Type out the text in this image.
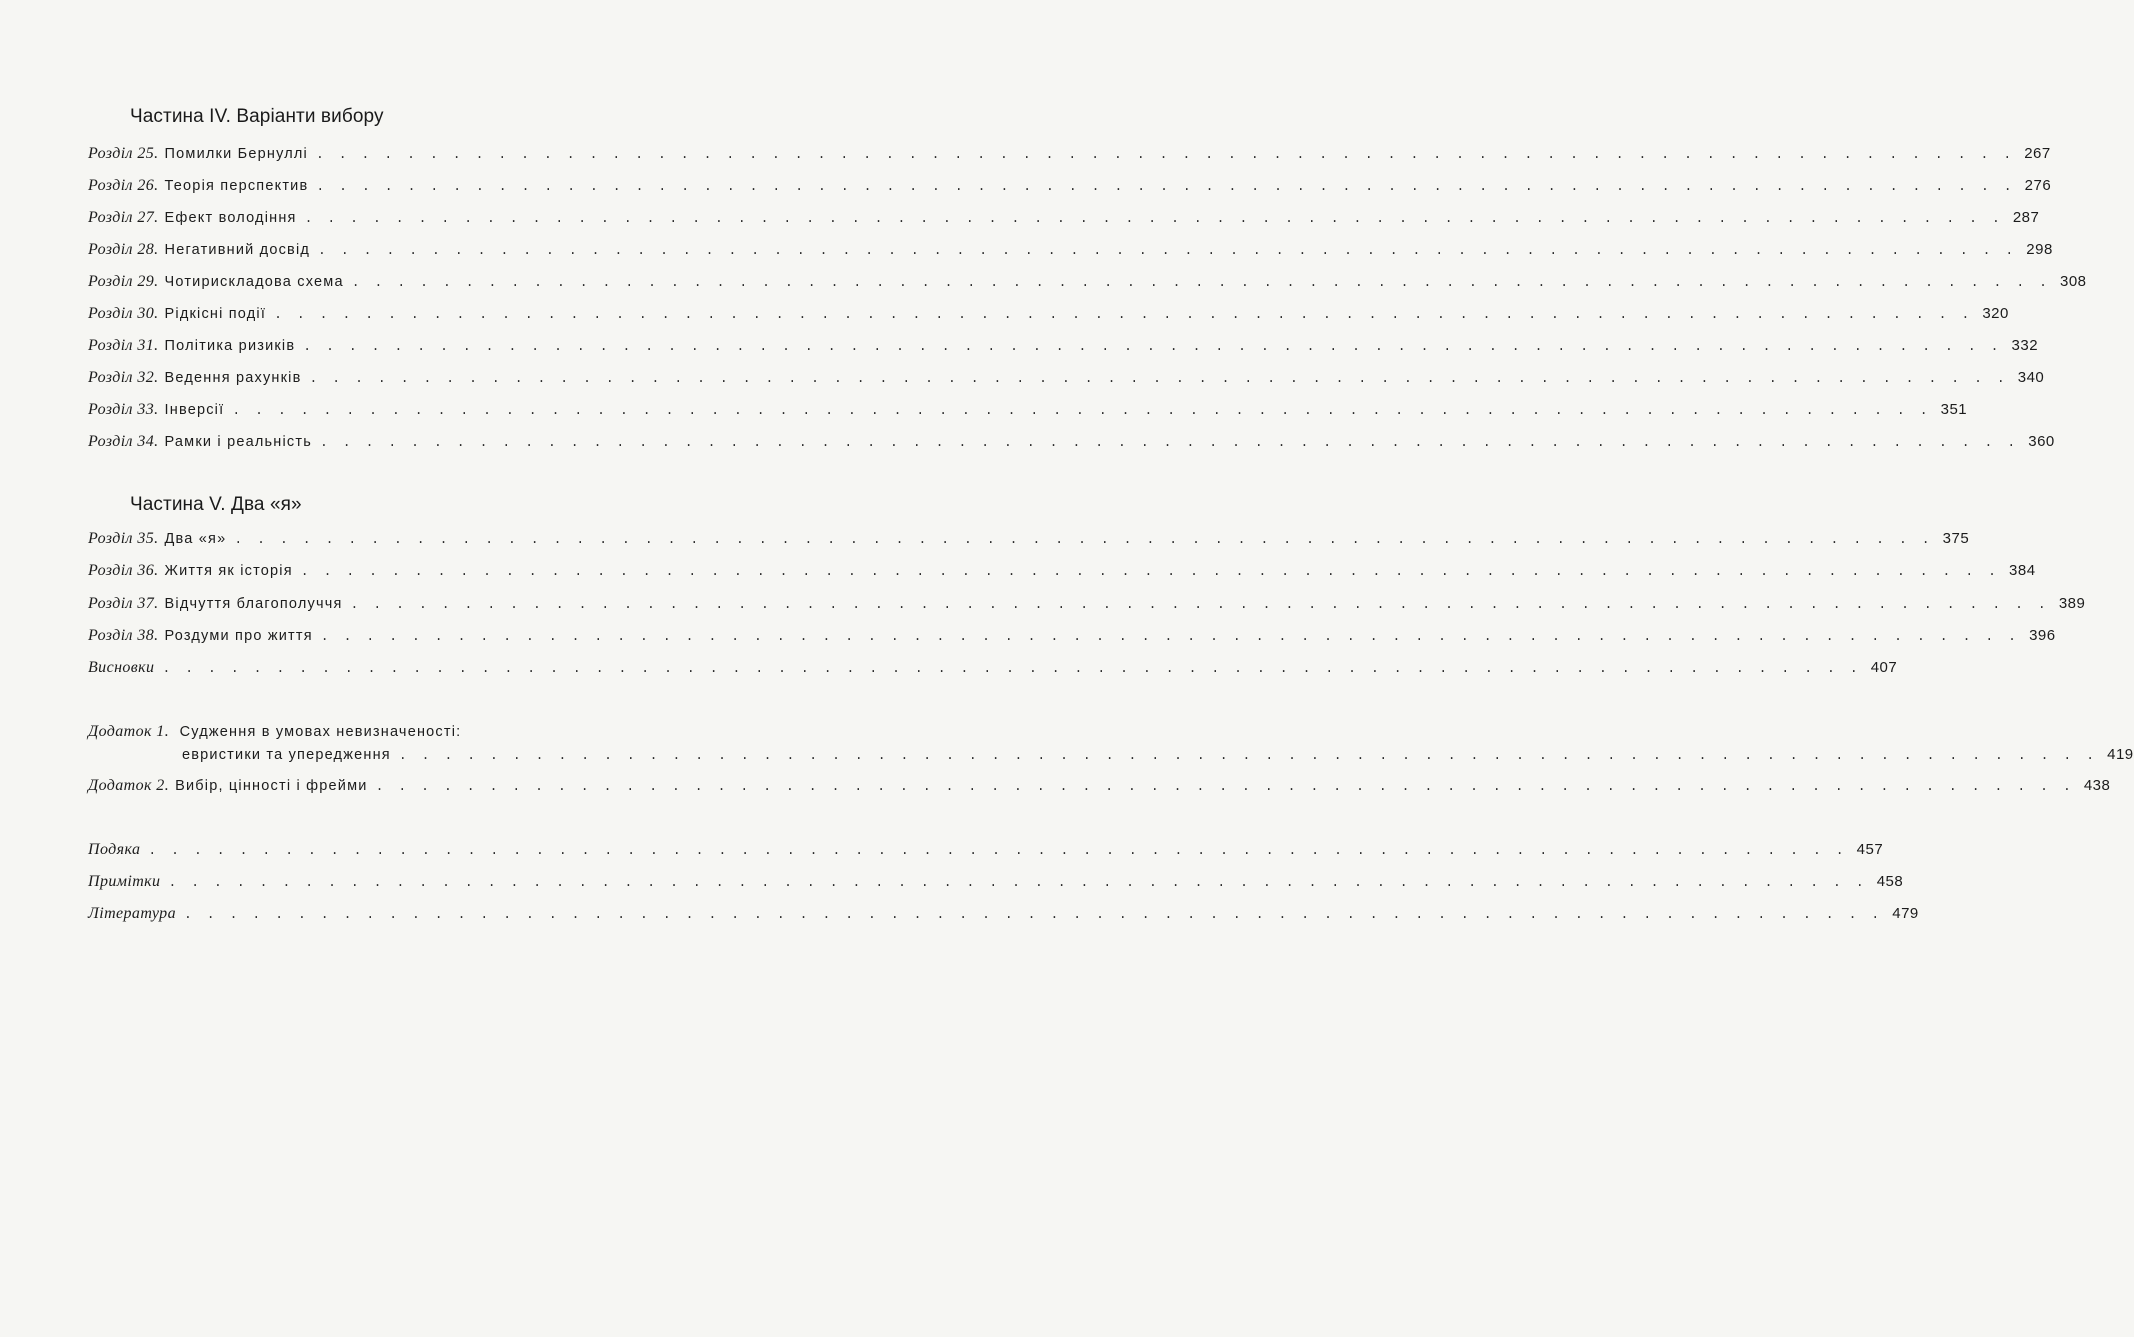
Частина IV. Варіанти вибору
Розділ 25. Помилки Бернуллі . . . . . . . . . . . . . . . . . . . . . . . . . . . . . . . . . . . . . . . . . . . . . . . . . . . . . . . . . . . . . . . . . . . . . . . . . . . 267
Розділ 26. Теорія перспектив . . . . . . . . . . . . . . . . . . . . . . . . . . . . . . . . . . . . . . . . . . . . . . . . . . . . . . . . . . . . . . . . . . . . . . . . . . . 276
Розділ 27. Ефект володіння . . . . . . . . . . . . . . . . . . . . . . . . . . . . . . . . . . . . . . . . . . . . . . . . . . . . . . . . . . . . . . . . . . . . . . . . . . . 287
Розділ 28. Негативний досвід . . . . . . . . . . . . . . . . . . . . . . . . . . . . . . . . . . . . . . . . . . . . . . . . . . . . . . . . . . . . . . . . . . . . . . . . . . . 298
Розділ 29. Чотирискладова схема . . . . . . . . . . . . . . . . . . . . . . . . . . . . . . . . . . . . . . . . . . . . . . . . . . . . . . . . . . . . . . . . . . . . . . . . . . . 308
Розділ 30. Рідкісні події . . . . . . . . . . . . . . . . . . . . . . . . . . . . . . . . . . . . . . . . . . . . . . . . . . . . . . . . . . . . . . . . . . . . . . . . . . . 320
Розділ 31. Політика ризиків . . . . . . . . . . . . . . . . . . . . . . . . . . . . . . . . . . . . . . . . . . . . . . . . . . . . . . . . . . . . . . . . . . . . . . . . . . . 332
Розділ 32. Ведення рахунків . . . . . . . . . . . . . . . . . . . . . . . . . . . . . . . . . . . . . . . . . . . . . . . . . . . . . . . . . . . . . . . . . . . . . . . . . . . 340
Розділ 33. Інверсії . . . . . . . . . . . . . . . . . . . . . . . . . . . . . . . . . . . . . . . . . . . . . . . . . . . . . . . . . . . . . . . . . . . . . . . . . . . 351
Розділ 34. Рамки і реальність . . . . . . . . . . . . . . . . . . . . . . . . . . . . . . . . . . . . . . . . . . . . . . . . . . . . . . . . . . . . . . . . . . . . . . . . . . . 360
Частина V. Два «я»
Розділ 35. Два «я» . . . . . . . . . . . . . . . . . . . . . . . . . . . . . . . . . . . . . . . . . . . . . . . . . . . . . . . . . . . . . . . . . . . . . . . . . . . 375
Розділ 36. Життя як історія . . . . . . . . . . . . . . . . . . . . . . . . . . . . . . . . . . . . . . . . . . . . . . . . . . . . . . . . . . . . . . . . . . . . . . . . . . . 384
Розділ 37. Відчуття благополуччя . . . . . . . . . . . . . . . . . . . . . . . . . . . . . . . . . . . . . . . . . . . . . . . . . . . . . . . . . . . . . . . . . . . . . . . . . . . 389
Розділ 38. Роздуми про життя . . . . . . . . . . . . . . . . . . . . . . . . . . . . . . . . . . . . . . . . . . . . . . . . . . . . . . . . . . . . . . . . . . . . . . . . . . . 396
Висновки . . . . . . . . . . . . . . . . . . . . . . . . . . . . . . . . . . . . . . . . . . . . . . . . . . . . . . . . . . . . . . . . . . . . . . . . . . . 407
Додаток 1. Судження в умовах невизначеності:
евристики та упередження . . . . . . . . . . . . . . . . . . . . . . . . . . . . . . . . . . . . . . . . . . . . . . . . . . . . . . . . . . . . . . . . . . . . . . . . . . . 419
Додаток 2. Вибір, цінності і фрейми . . . . . . . . . . . . . . . . . . . . . . . . . . . . . . . . . . . . . . . . . . . . . . . . . . . . . . . . . . . . . . . . . . . . . . . . . . . 438
Подяка . . . . . . . . . . . . . . . . . . . . . . . . . . . . . . . . . . . . . . . . . . . . . . . . . . . . . . . . . . . . . . . . . . . . . . . . . . . 457
Примітки . . . . . . . . . . . . . . . . . . . . . . . . . . . . . . . . . . . . . . . . . . . . . . . . . . . . . . . . . . . . . . . . . . . . . . . . . . . 458
Література . . . . . . . . . . . . . . . . . . . . . . . . . . . . . . . . . . . . . . . . . . . . . . . . . . . . . . . . . . . . . . . . . . . . . . . . . . . 479
